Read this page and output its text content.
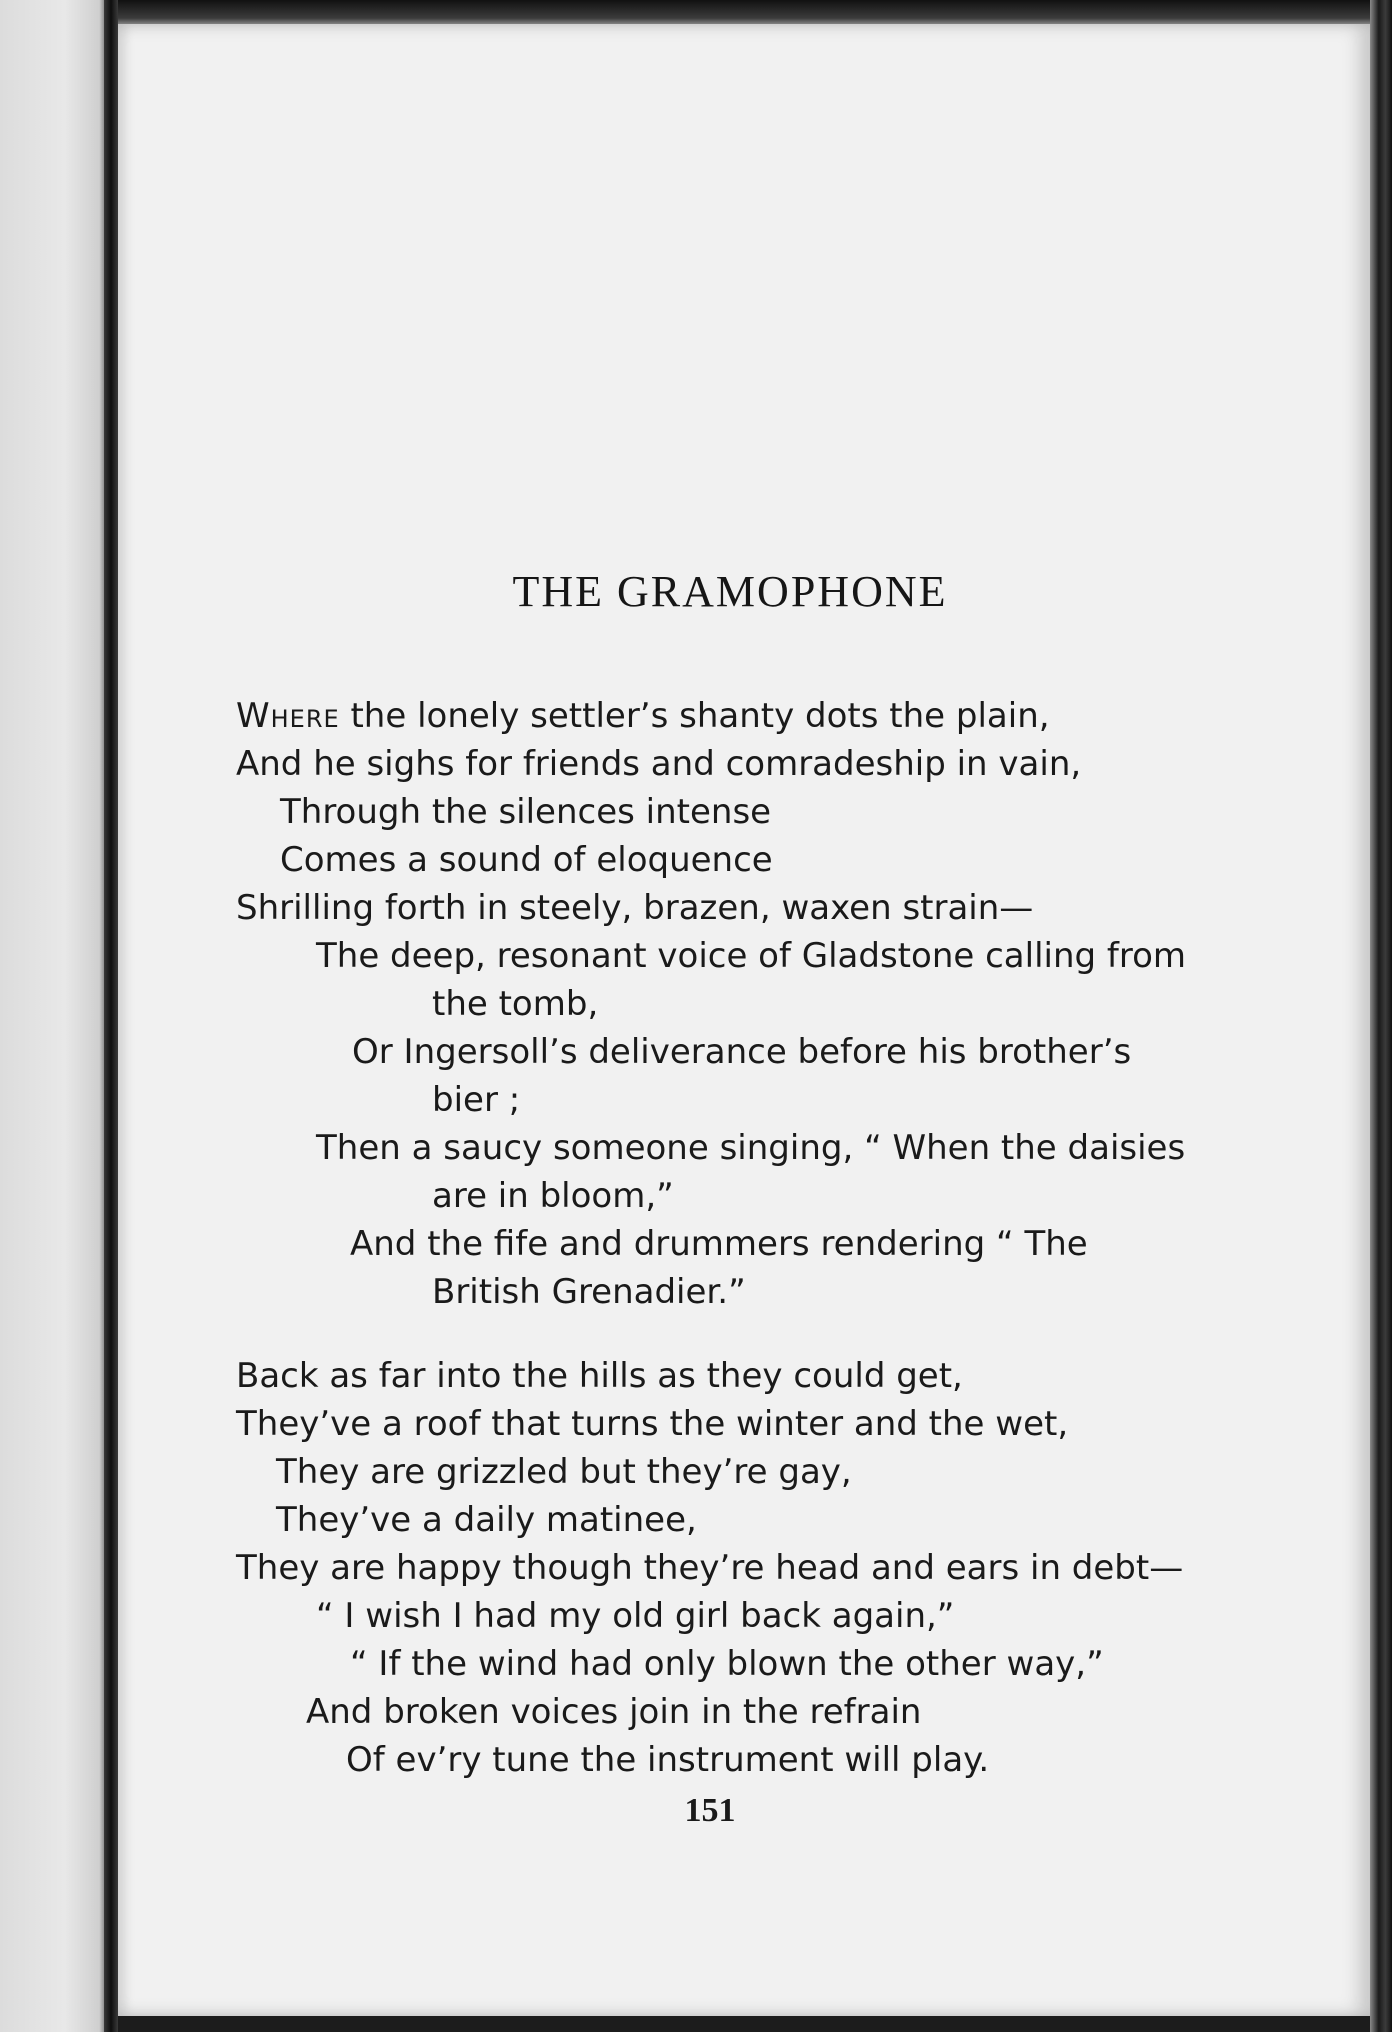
THE GRAMOPHONE
Where the lonely settler’s shanty dots the plain,
And he sighs for friends and comradeship in vain,
Through the silences intense
Comes a sound of eloquence
Shrilling forth in steely, brazen, waxen strain—
The deep, resonant voice of Gladstone calling from
the tomb,
Or Ingersoll’s deliverance before his brother’s
bier ;
Then a saucy someone singing, “ When the daisies
are in bloom,”
And the fife and drummers rendering “ The
British Grenadier.”
Back as far into the hills as they could get,
They’ve a roof that turns the winter and the wet,
They are grizzled but they’re gay,
They’ve a daily matinee,
They are happy though they’re head and ears in debt—
“ I wish I had my old girl back again,”
“ If the wind had only blown the other way,”
And broken voices join in the refrain
Of ev’ry tune the instrument will play.
151
